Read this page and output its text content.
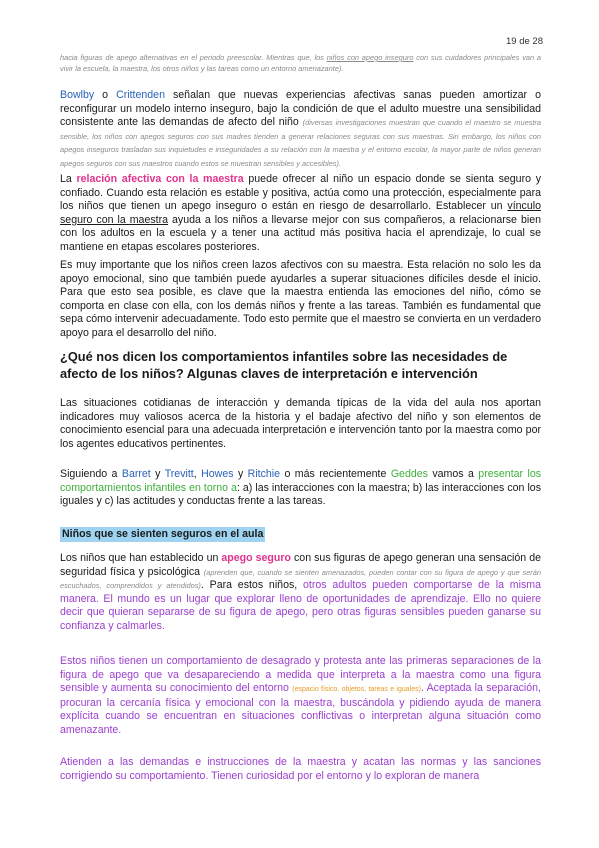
19 de 28

hacia figuras de apego alternativas en el periodo preescolar. Mientras que, los niños con apego inseguro con sus cuidadores principales van a vivir la escuela, la maestra, los otros niños y las tareas como un entorno amenazante).

Bowlby o Crittenden señalan que nuevas experiencias afectivas sanas pueden amortizar o reconfigurar un modelo interno inseguro, bajo la condición de que el adulto muestre una sensibilidad consistente ante las demandas de afecto del niño (diversas investigaciones muestran que cuando el maestro se muestra sensible, los niños con apegos seguros con sus madres tienden a generar relaciones seguras con sus maestras. Sin embargo, los niños con apegos inseguros trasladan sus inquietudes e inseguridades a su relación con la maestra y el entorno escolar, la mayor parte de niños generan apegos seguros con sus maestros cuando estos se muestran sensibles y accesibles).

La relación afectiva con la maestra puede ofrecer al niño un espacio donde se sienta seguro y confiado. Cuando esta relación es estable y positiva, actúa como una protección, especialmente para los niños que tienen un apego inseguro o están en riesgo de desarrollarlo. Establecer un vínculo seguro con la maestra ayuda a los niños a llevarse mejor con sus compañeros, a relacionarse bien con los adultos en la escuela y a tener una actitud más positiva hacia el aprendizaje, lo cual se mantiene en etapas escolares posteriores.

Es muy importante que los niños creen lazos afectivos con su maestra. Esta relación no solo les da apoyo emocional, sino que también puede ayudarles a superar situaciones difíciles desde el inicio. Para que esto sea posible, es clave que la maestra entienda las emociones del niño, cómo se comporta en clase con ella, con los demás niños y frente a las tareas. También es fundamental que sepa cómo intervenir adecuadamente. Todo esto permite que el maestro se convierta en un verdadero apoyo para el desarrollo del niño.

¿Qué nos dicen los comportamientos infantiles sobre las necesidades de afecto de los niños? Algunas claves de interpretación e intervención

Las situaciones cotidianas de interacción y demanda típicas de la vida del aula nos aportan indicadores muy valiosos acerca de la historia y el badaje afectivo del niño y son elementos de conocimiento esencial para una adecuada interpretación e intervención tanto por la maestra como por los agentes educativos pertinentes.

Siguiendo a Barret y Trevitt, Howes y Ritchie o más recientemente Geddes vamos a presentar los comportamientos infantiles en torno a: a) las interacciones con la maestra; b) las interacciones con los iguales y c) las actitudes y conductas frente a las tareas.

Niños que se sienten seguros en el aula

Los niños que han establecido un apego seguro con sus figuras de apego generan una sensación de seguridad física y psicológica (aprenden que, cuando se sienten amenazados, pueden contar con su figura de apego y que serán escuchados, comprendidos y atendidos). Para estos niños, otros adultos pueden comportarse de la misma manera. El mundo es un lugar que explorar lleno de oportunidades de aprendizaje. Ello no quiere decir que quieran separarse de su figura de apego, pero otras figuras sensibles pueden ganarse su confianza y calmarles.

Estos niños tienen un comportamiento de desagrado y protesta ante las primeras separaciones de la figura de apego que va desapareciendo a medida que interpreta a la maestra como una figura sensible y aumenta su conocimiento del entorno (espacio físico, objetos, tareas e iguales). Aceptada la separación, procuran la cercanía física y emocional con la maestra, buscándola y pidiendo ayuda de manera explícita cuando se encuentran en situaciones conflictivas o interpretan alguna situación como amenazante.

Atienden a las demandas e instrucciones de la maestra y acatan las normas y las sanciones corrigiendo su comportamiento. Tienen curiosidad por el entorno y lo exploran de manera
